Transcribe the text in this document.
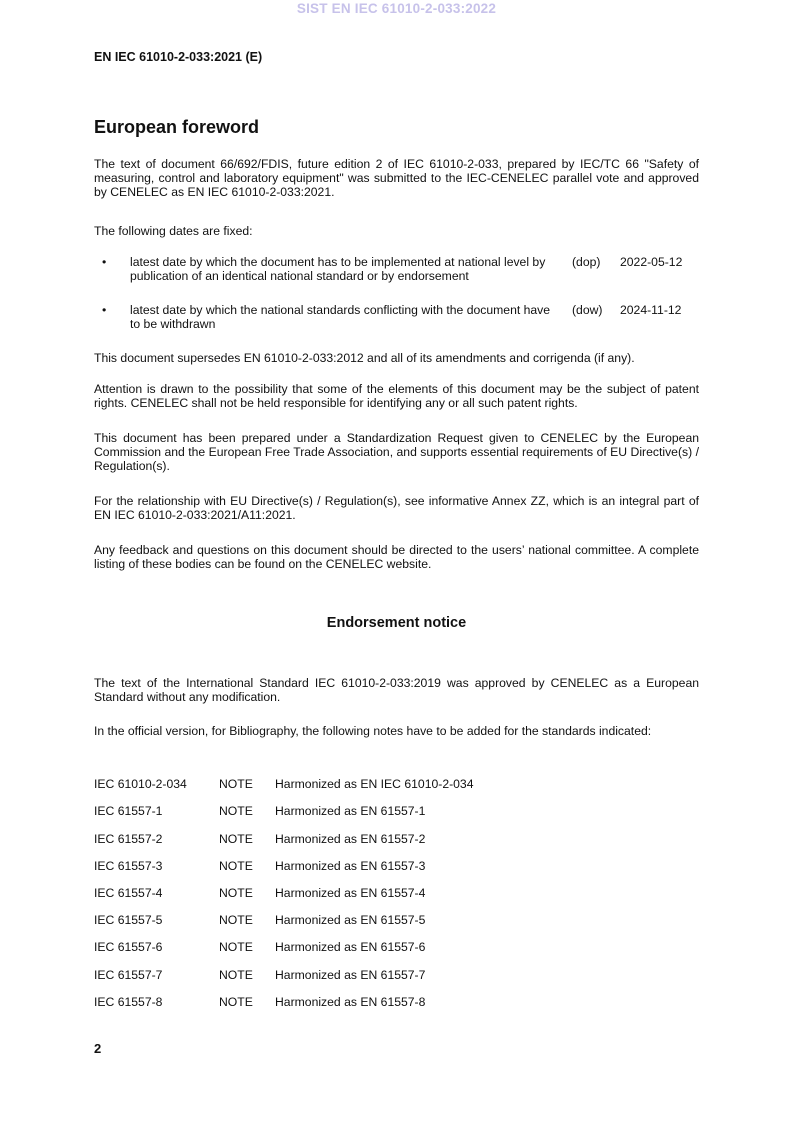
SIST EN IEC 61010-2-033:2022
EN IEC 61010-2-033:2021 (E)
European foreword
The text of document 66/692/FDIS, future edition 2 of IEC 61010-2-033, prepared by IEC/TC 66 "Safety of measuring, control and laboratory equipment" was submitted to the IEC-CENELEC parallel vote and approved by CENELEC as EN IEC 61010-2-033:2021.
The following dates are fixed:
• latest date by which the document has to be implemented at national level by publication of an identical national standard or by endorsement
(dop) 2022-05-12
• latest date by which the national standards conflicting with the document have to be withdrawn
(dow) 2024-11-12
This document supersedes EN 61010-2-033:2012 and all of its amendments and corrigenda (if any).
Attention is drawn to the possibility that some of the elements of this document may be the subject of patent rights. CENELEC shall not be held responsible for identifying any or all such patent rights.
This document has been prepared under a Standardization Request given to CENELEC by the European Commission and the European Free Trade Association, and supports essential requirements of EU Directive(s) / Regulation(s).
For the relationship with EU Directive(s) / Regulation(s), see informative Annex ZZ, which is an integral part of EN IEC 61010-2-033:2021/A11:2021.
Any feedback and questions on this document should be directed to the users’ national committee. A complete listing of these bodies can be found on the CENELEC website.
Endorsement notice
The text of the International Standard IEC 61010-2-033:2019 was approved by CENELEC as a European Standard without any modification.
In the official version, for Bibliography, the following notes have to be added for the standards indicated:
IEC 61010-2-034	NOTE Harmonized as EN IEC 61010-2-034
IEC 61557-1	NOTE Harmonized as EN 61557-1
IEC 61557-2	NOTE Harmonized as EN 61557-2
IEC 61557-3	NOTE Harmonized as EN 61557-3
IEC 61557-4	NOTE Harmonized as EN 61557-4
IEC 61557-5	NOTE Harmonized as EN 61557-5
IEC 61557-6	NOTE Harmonized as EN 61557-6
IEC 61557-7	NOTE Harmonized as EN 61557-7
IEC 61557-8	NOTE Harmonized as EN 61557-8
2
